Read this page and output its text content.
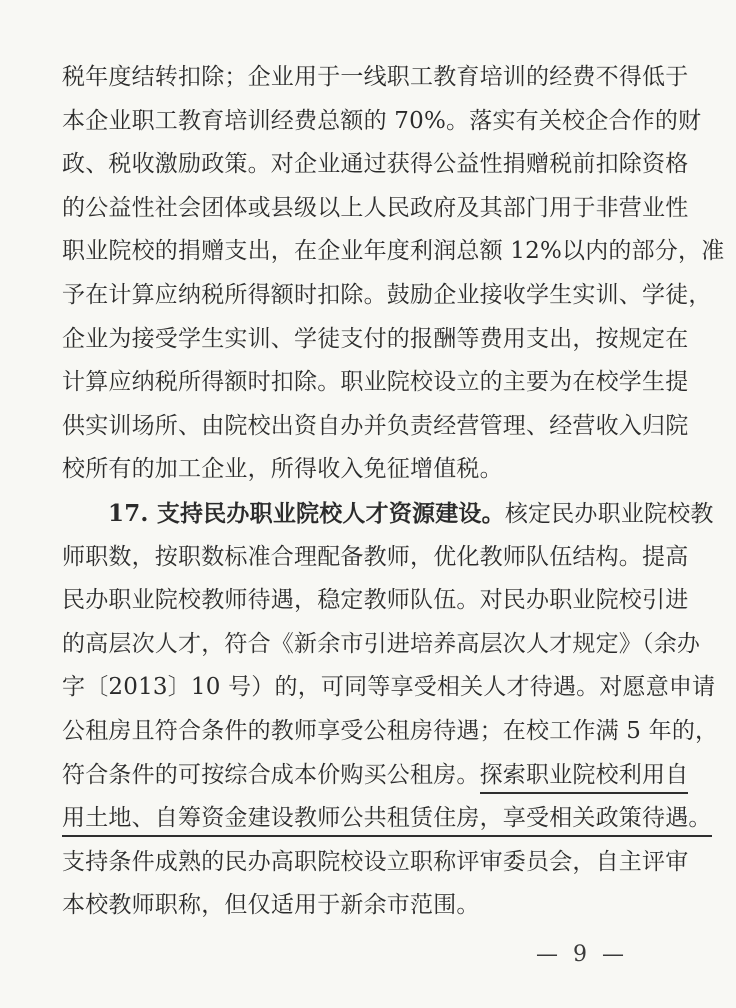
税年度结转扣除；企业用于一线职工教育培训的经费不得低于
本企业职工教育培训经费总额的 70%。落实有关校企合作的财
政、税收激励政策。对企业通过获得公益性捐赠税前扣除资格
的公益性社会团体或县级以上人民政府及其部门用于非营业性
职业院校的捐赠支出，在企业年度利润总额 12%以内的部分，准
予在计算应纳税所得额时扣除。鼓励企业接收学生实训、学徒，
企业为接受学生实训、学徒支付的报酬等费用支出，按规定在
计算应纳税所得额时扣除。职业院校设立的主要为在校学生提
供实训场所、由院校出资自办并负责经营管理、经营收入归院
校所有的加工企业，所得收入免征增值税。
17. 支持民办职业院校人才资源建设。核定民办职业院校教
师职数，按职数标准合理配备教师，优化教师队伍结构。提高
民办职业院校教师待遇，稳定教师队伍。对民办职业院校引进
的高层次人才，符合《新余市引进培养高层次人才规定》（余办
字〔2013〕10 号）的，可同等享受相关人才待遇。对愿意申请
公租房且符合条件的教师享受公租房待遇；在校工作满 5 年的，
符合条件的可按综合成本价购买公租房。探索职业院校利用自
用土地、自筹资金建设教师公共租赁住房，享受相关政策待遇。
支持条件成熟的民办高职院校设立职称评审委员会，自主评审
本校教师职称，但仅适用于新余市范围。
— 9 —
